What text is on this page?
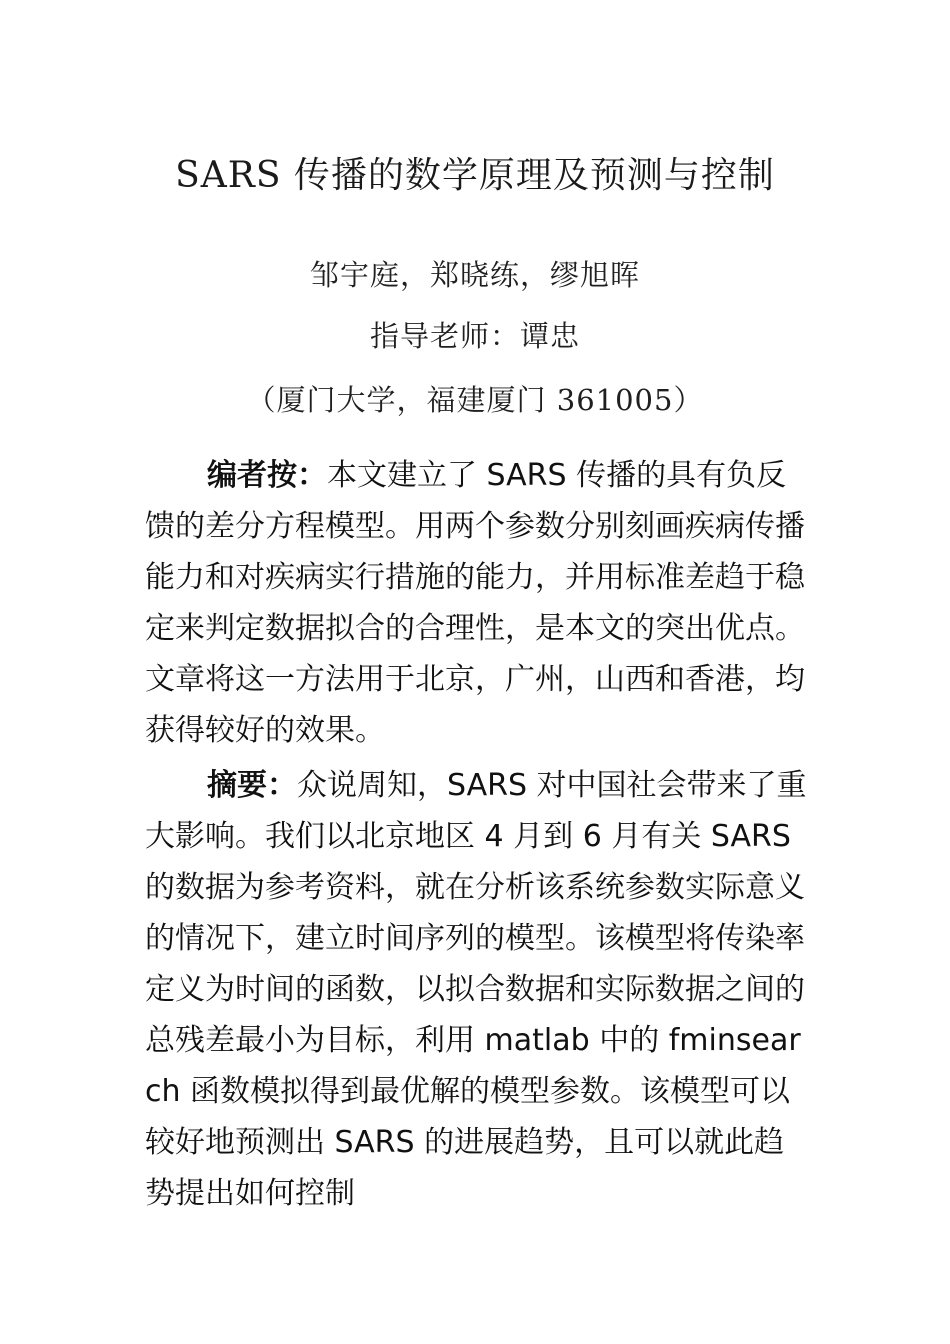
SARS 传播的数学原理及预测与控制
邹宇庭，郑晓练，缪旭晖
指导老师：谭忠
（厦门大学，福建厦门 361005）
编者按：本文建立了 SARS 传播的具有负反馈的差分方程模型。用两个参数分别刻画疾病传播能力和对疾病实行措施的能力，并用标准差趋于稳定来判定数据拟合的合理性，是本文的突出优点。文章将这一方法用于北京，广州，山西和香港，均获得较好的效果。
摘要：众说周知，SARS 对中国社会带来了重大影响。我们以北京地区 4 月到 6 月有关 SARS 的数据为参考资料，就在分析该系统参数实际意义的情况下，建立时间序列的模型。该模型将传染率定义为时间的函数，以拟合数据和实际数据之间的总残差最小为目标，利用 matlab 中的 fminsearch 函数模拟得到最优解的模型参数。该模型可以较好地预测出 SARS 的进展趋势，且可以就此趋势提出如何控制
